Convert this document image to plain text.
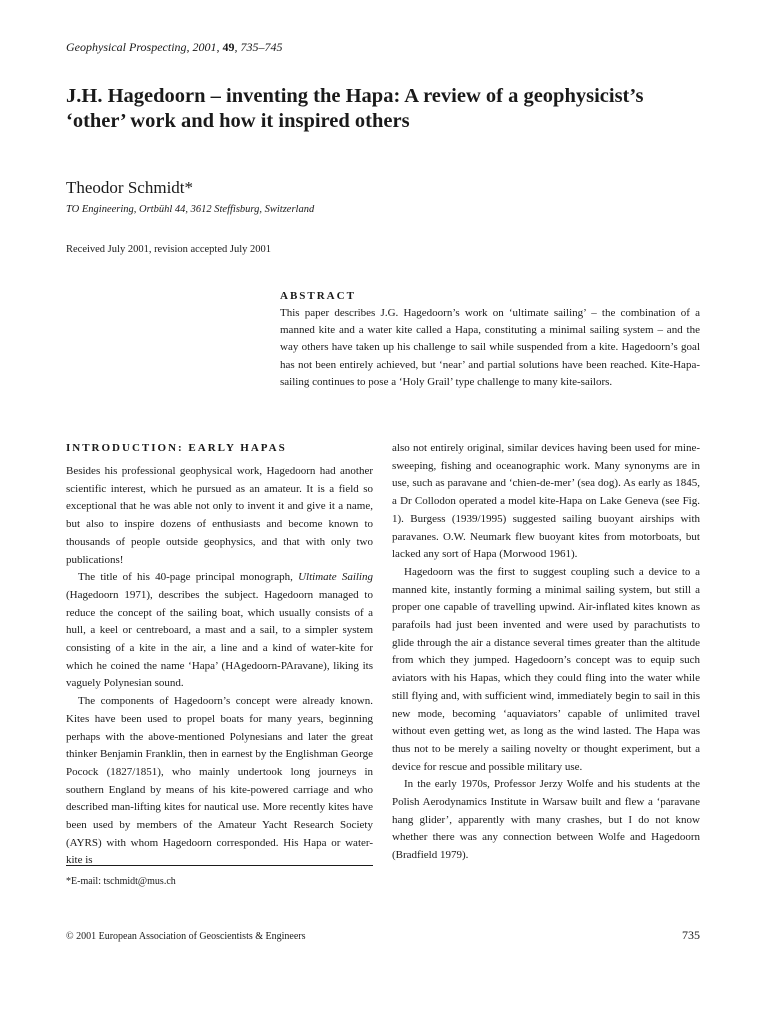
Geophysical Prospecting, 2001, 49, 735–745
J.H. Hagedoorn – inventing the Hapa: A review of a geophysicist’s
‘other’ work and how it inspired others
Theodor Schmidt*
TO Engineering, Ortbühl 44, 3612 Steffisburg, Switzerland
Received July 2001, revision accepted July 2001
ABSTRACT

This paper describes J.G. Hagedoorn’s work on ‘ultimate sailing’ – the combination of a manned kite and a water kite called a Hapa, constituting a minimal sailing system – and the way others have taken up his challenge to sail while suspended from a kite. Hagedoorn’s goal has not been entirely achieved, but ‘near’ and partial solutions have been reached. Kite-Hapa-sailing continues to pose a ‘Holy Grail’ type challenge to many kite-sailors.

INTRODUCTION: EARLY HAPAS

Besides his professional geophysical work, Hagedoorn had another scientific interest, which he pursued as an amateur. It is a field so exceptional that he was able not only to invent it and give it a name, but also to inspire dozens of enthusiasts and become known to thousands of people outside geophysics, and that with only two publications!

The title of his 40-page principal monograph, Ultimate Sailing (Hagedoorn 1971), describes the subject. Hagedoorn managed to reduce the concept of the sailing boat, which usually consists of a hull, a keel or centreboard, a mast and a sail, to a simpler system consisting of a kite in the air, a line and a kind of water-kite for which he coined the name ‘Hapa’ (HAgedoorn-PAravane), liking its vaguely Polynesian sound.

The components of Hagedoorn’s concept were already known. Kites have been used to propel boats for many years, beginning perhaps with the above-mentioned Polynesians and later the great thinker Benjamin Franklin, then in earnest by the Englishman George Pocock (1827/1851), who mainly undertook long journeys in southern England by means of his kite-powered carriage and who described man-lifting kites for nautical use. More recently kites have been used by members of the Amateur Yacht Research Society (AYRS) with whom Hagedoorn corresponded. His Hapa or water-kite is

also not entirely original, similar devices having been used for mine-sweeping, fishing and oceanographic work. Many synonyms are in use, such as paravane and ‘chien-de-mer’ (sea dog). As early as 1845, a Dr Collodon operated a model kite-Hapa on Lake Geneva (see Fig. 1). Burgess (1939/1995) suggested sailing buoyant airships with paravanes. O.W. Neumark flew buoyant kites from motorboats, but lacked any sort of Hapa (Morwood 1961).

Hagedoorn was the first to suggest coupling such a device to a manned kite, instantly forming a minimal sailing system, but still a proper one capable of travelling upwind. Air-inflated kites known as parafoils had just been invented and were used by parachutists to glide through the air a distance several times greater than the altitude from which they jumped. Hagedoorn’s concept was to equip such aviators with his Hapas, which they could fling into the water while still flying and, with sufficient wind, immediately begin to sail in this new mode, becoming ‘aquaviators’ capable of unlimited travel without even getting wet, as long as the wind lasted. The Hapa was thus not to be merely a sailing novelty or thought experiment, but a device for rescue and possible military use.

In the early 1970s, Professor Jerzy Wolfe and his students at the Polish Aerodynamics Institute in Warsaw built and flew a ‘paravane hang glider’, apparently with many crashes, but I do not know whether there was any connection between Wolfe and Hagedoorn (Bradfield 1979).

*E-mail: tschmidt@mus.ch
© 2001 European Association of Geoscientists & Engineers	735
